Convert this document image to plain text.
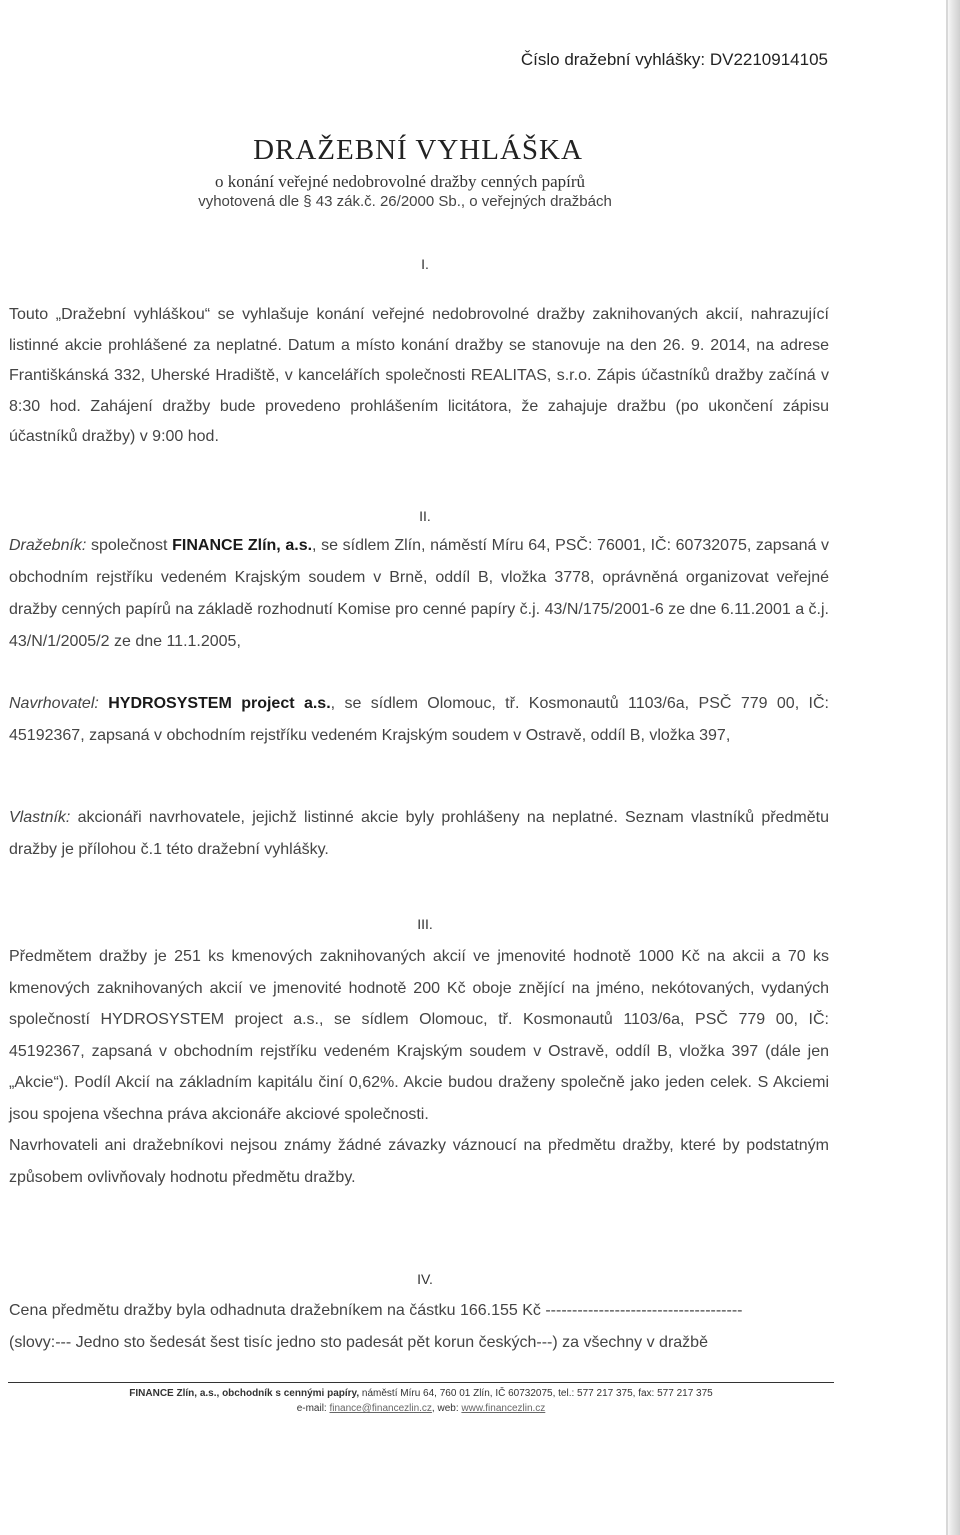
Číslo dražební vyhlášky: DV2210914105
DRAŽEBNÍ VYHLÁŠKA
o konání veřejné nedobrovolné dražby cenných papírů
vyhotovená dle § 43 zák.č. 26/2000 Sb., o veřejných dražbách
I.

Touto „Dražební vyhláškou“ se vyhlašuje konání veřejné nedobrovolné dražby zaknihovaných akcií, nahrazující listinné akcie prohlášené za neplatné. Datum a místo konání dražby se stanovuje na den 26. 9. 2014, na adrese Františkánská 332, Uherské Hradiště, v kancelářích společnosti REALITAS, s.r.o. Zápis účastníků dražby začíná v 8:30 hod. Zahájení dražby bude provedeno prohlášením licitátora, že zahajuje dražbu (po ukončení zápisu účastníků dražby) v 9:00 hod.

II.

Dražebník: společnost FINANCE Zlín, a.s., se sídlem Zlín, náměstí Míru 64, PSČ: 76001, IČ: 60732075, zapsaná v obchodním rejstříku vedeném Krajským soudem v Brně, oddíl B, vložka 3778, oprávněná organizovat veřejné dražby cenných papírů na základě rozhodnutí Komise pro cenné papíry č.j. 43/N/175/2001-6 ze dne 6.11.2001 a č.j. 43/N/1/2005/2 ze dne 11.1.2005,

Navrhovatel: HYDROSYSTEM project a.s., se sídlem Olomouc, tř. Kosmonautů 1103/6a, PSČ 779 00, IČ: 45192367, zapsaná v obchodním rejstříku vedeném Krajským soudem v Ostravě, oddíl B, vložka 397,

Vlastník: akcionáři navrhovatele, jejichž listinné akcie byly prohlášeny na neplatné. Seznam vlastníků předmětu dražby je přílohou č.1 této dražební vyhlášky.

III.

Předmětem dražby je 251 ks kmenových zaknihovaných akcií ve jmenovité hodnotě 1000 Kč na akcii a 70 ks kmenových zaknihovaných akcií ve jmenovité hodnotě 200 Kč oboje znějící na jméno, nekótovaných, vydaných společností HYDROSYSTEM project a.s., se sídlem Olomouc, tř. Kosmonautů 1103/6a, PSČ 779 00, IČ: 45192367, zapsaná v obchodním rejstříku vedeném Krajským soudem v Ostravě, oddíl B, vložka 397 (dále jen „Akcie“). Podíl Akcií na základním kapitálu činí 0,62%. Akcie budou draženy společně jako jeden celek. S Akciemi jsou spojena všechna práva akcionáře akciové společnosti.

Navrhovateli ani dražebníkovi nejsou známy žádné závazky váznoucí na předmětu dražby, které by podstatným způsobem ovlivňovaly hodnotu předmětu dražby.

IV.

Cena předmětu dražby byla odhadnuta dražebníkem na částku 166.155 Kč -------------------------------------

(slovy:--- Jedno sto šedesát šest tisíc jedno sto padesát pět korun českých---) za všechny v dražbě

FINANCE Zlín, a.s., obchodník s cennými papíry, náměstí Míru 64, 760 01 Zlín, IČ 60732075, tel.: 577 217 375, fax: 577 217 375
e-mail: finance@financezlin.cz, web: www.financezlin.cz
